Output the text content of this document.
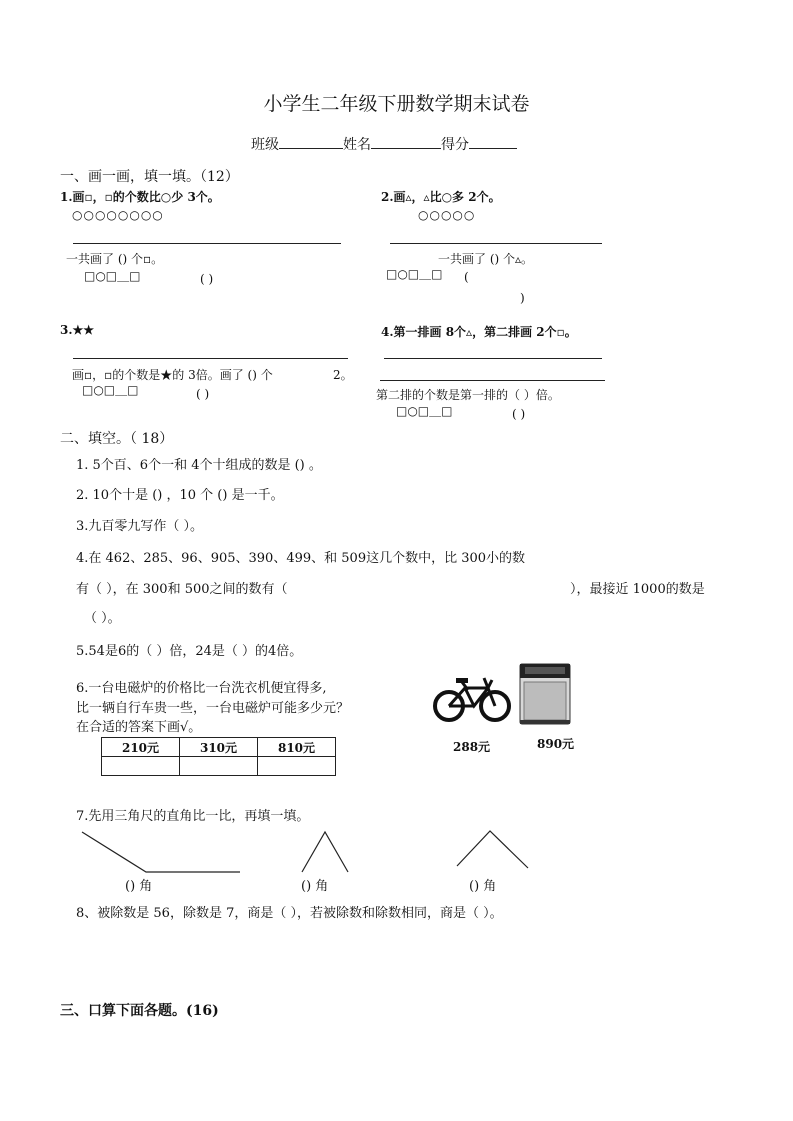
小学生二年级下册数学期末试卷
班级	姓名	得分
一、画一画，填一填。（12）
1.画▫，▫的个数比○少 3个。
○○○○○○○○
一共画了 () 个▫。
□○□＿□	( )
2.画▵，▵比○多 2个。
○○○○○
一共画了 () 个▵。
□○□＿□ (
)
3.★★
画▫，▫的个数是★的 3倍。画了 () 个	2。
□○□＿□	( )
4.第一排画 8个▵，第二排画 2个▫。
第二排的个数是第一排的（ ）倍。
□○□＿□	( )
二、填空。（ 18）
1. 5个百、6个一和 4个十组成的数是 () 。
2. 10个十是 () ，10 个 () 是一千。
3.九百零九写作（ ）。
4.在 462、285、96、905、390、499、和 509这几个数中，比 300小的数
有（ ），在 300和 500之间的数有（	），最接近 1000的数是
（ ）。
5.54是6的（ ）倍，24是（ ）的4倍。
6.一台电磁炉的价格比一台洗衣机便宜得多,
比一辆自行车贵一些，一台电磁炉可能多少元？
在合适的答案下画√。
210元	310元	810元
			288元	890元
7.先用三角尺的直角比一比，再填一填。
() 角	() 角	() 角
8、被除数是 56，除数是 7，商是（ ），若被除数和除数相同，商是（ ）。
三、口算下面各题。(16)
